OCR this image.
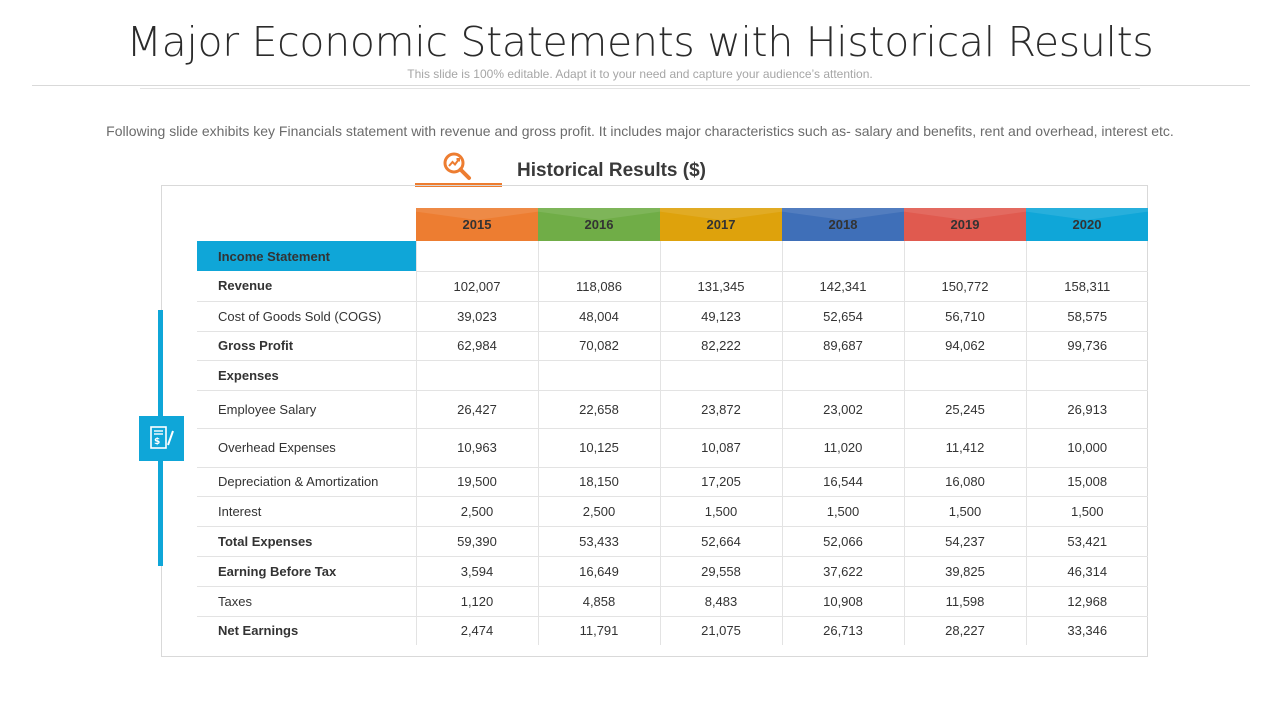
Major Economic Statements with Historical Results
This slide is 100% editable. Adapt it to your need and capture your audience’s attention.
Following slide exhibits key Financials statement with revenue and gross profit. It includes major characteristics such as- salary and benefits, rent and overhead, interest etc.
Historical Results ($)
$
	2015	2016	2017	2018	2019	2020
Income Statement						
Revenue	102,007	118,086	131,345	142,341	150,772	158,311
Cost of Goods Sold (COGS)	39,023	48,004	49,123	52,654	56,710	58,575
Gross Profit	62,984	70,082	82,222	89,687	94,062	99,736
Expenses						
Employee Salary	26,427	22,658	23,872	23,002	25,245	26,913
Overhead Expenses	10,963	10,125	10,087	11,020	11,412	10,000
Depreciation & Amortization	19,500	18,150	17,205	16,544	16,080	15,008
Interest	2,500	2,500	1,500	1,500	1,500	1,500
Total Expenses	59,390	53,433	52,664	52,066	54,237	53,421
Earning Before Tax	3,594	16,649	29,558	37,622	39,825	46,314
Taxes	1,120	4,858	8,483	10,908	11,598	12,968
Net Earnings	2,474	11,791	21,075	26,713	28,227	33,346
